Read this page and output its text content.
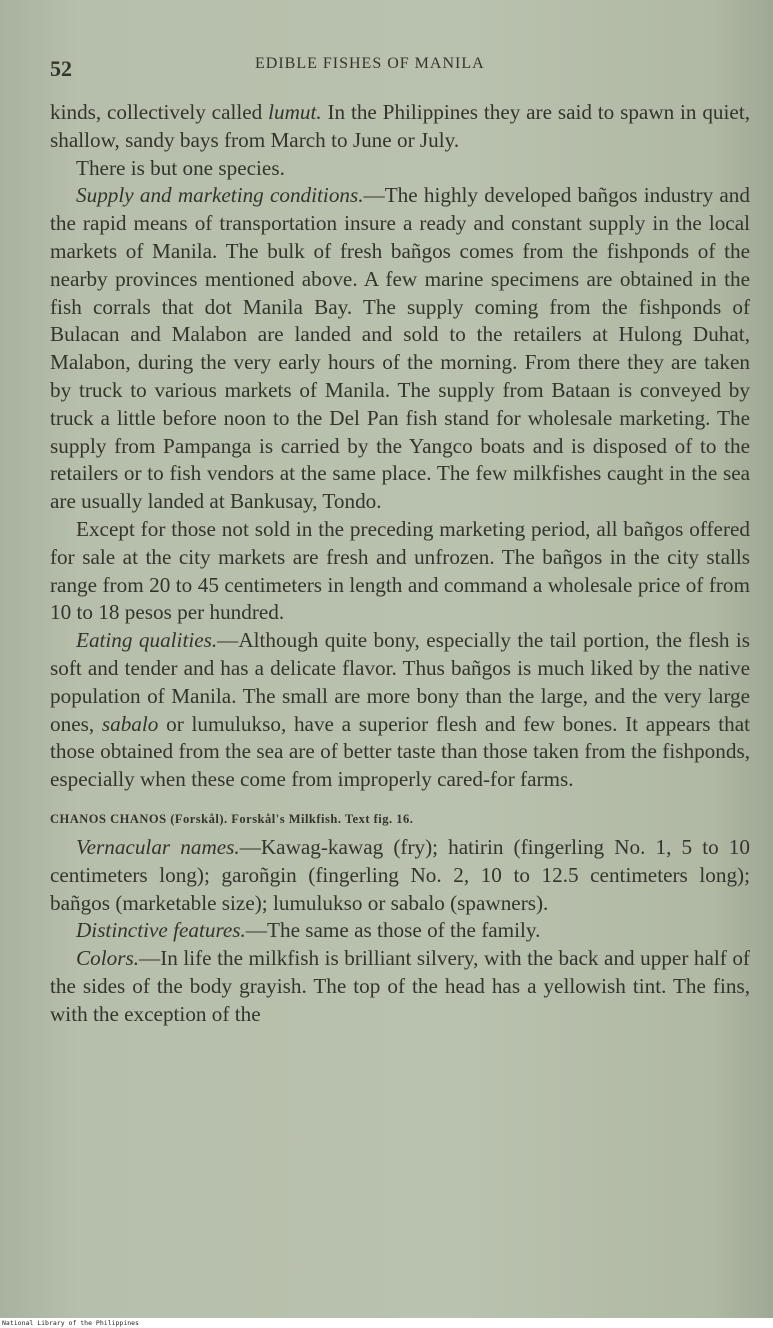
52	EDIBLE FISHES OF MANILA

kinds, collectively called lumut. In the Philippines they are said to spawn in quiet, shallow, sandy bays from March to June or July.

There is but one species.

Supply and marketing conditions.—The highly developed bañgos industry and the rapid means of transportation insure a ready and constant supply in the local markets of Manila. The bulk of fresh bañgos comes from the fishponds of the nearby provinces mentioned above. A few marine specimens are obtained in the fish corrals that dot Manila Bay. The supply coming from the fishponds of Bulacan and Malabon are landed and sold to the retailers at Hulong Duhat, Malabon, during the very early hours of the morning. From there they are taken by truck to various markets of Manila. The supply from Bataan is conveyed by truck a little before noon to the Del Pan fish stand for wholesale marketing. The supply from Pampanga is carried by the Yangco boats and is disposed of to the retailers or to fish vendors at the same place. The few milkfishes caught in the sea are usually landed at Bankusay, Tondo.

Except for those not sold in the preceding marketing period, all bañgos offered for sale at the city markets are fresh and unfrozen. The bañgos in the city stalls range from 20 to 45 centimeters in length and command a wholesale price of from 10 to 18 pesos per hundred.

Eating qualities.—Although quite bony, especially the tail portion, the flesh is soft and tender and has a delicate flavor. Thus bañgos is much liked by the native population of Manila. The small are more bony than the large, and the very large ones, sabalo or lumulukso, have a superior flesh and few bones. It appears that those obtained from the sea are of better taste than those taken from the fishponds, especially when these come from improperly cared-for farms.

CHANOS CHANOS (Forskål). Forskål's Milkfish. Text fig. 16.

Vernacular names.—Kawag-kawag (fry); hatirin (fingerling No. 1, 5 to 10 centimeters long); garoñgin (fingerling No. 2, 10 to 12.5 centimeters long); bañgos (marketable size); lumulukso or sabalo (spawners).

Distinctive features.—The same as those of the family.

Colors.—In life the milkfish is brilliant silvery, with the back and upper half of the sides of the body grayish. The top of the head has a yellowish tint. The fins, with the exception of the

National Library of the Philippines
